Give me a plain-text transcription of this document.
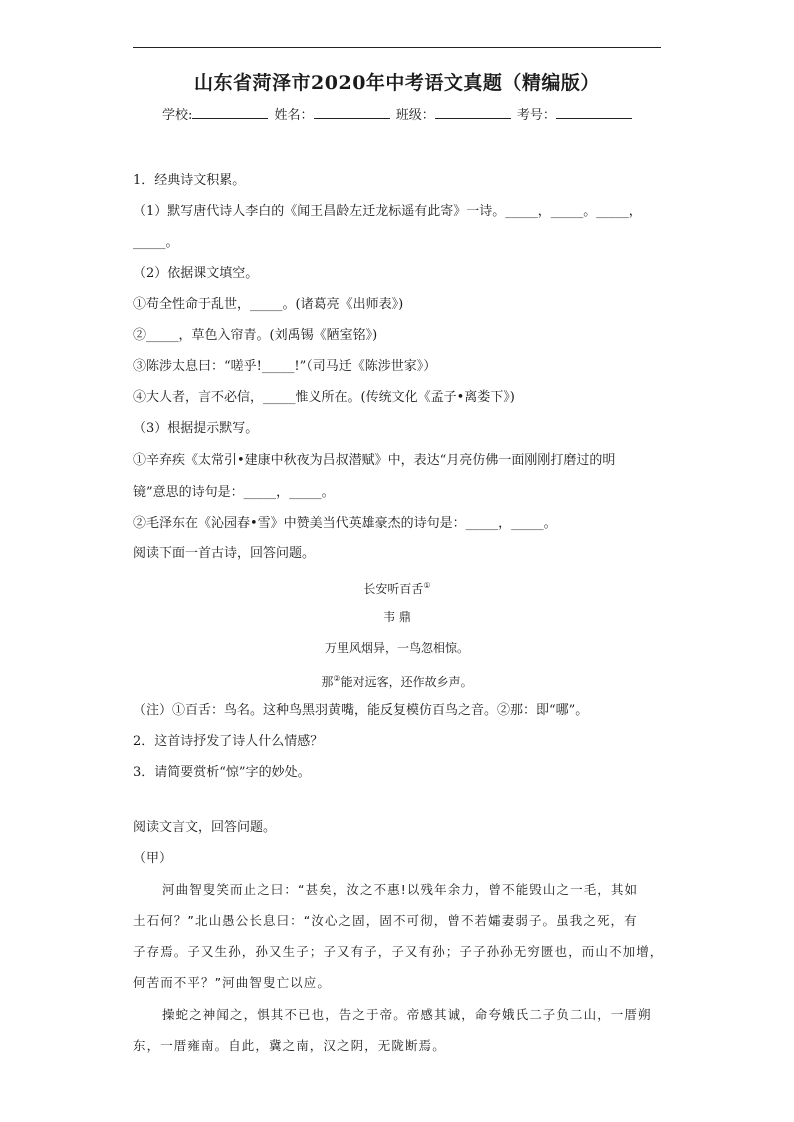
山东省菏泽市2020年中考语文真题（精编版）
学校:	姓名：	班级：	考号：
1．经典诗文积累。
（1）默写唐代诗人李白的《闻王昌龄左迁龙标遥有此寄》一诗。_____，_____。_____，
_____。
（2）依据课文填空。
①苟全性命于乱世，_____。(诸葛亮《出师表》)
②_____，草色入帘青。(刘禹锡《陋室铭》)
③陈涉太息曰：“嗟乎!_____!”（司马迁《陈涉世家》）
④大人者，言不必信，_____惟义所在。(传统文化《孟子•离娄下》)
（3）根据提示默写。
①辛弃疾《太常引•建康中秋夜为吕叔潜赋》中，表达“月亮仿佛一面刚刚打磨过的明
镜”意思的诗句是：_____，_____。
②毛泽东在《沁园春•雪》中赞美当代英雄豪杰的诗句是：_____，_____。
阅读下面一首古诗，回答问题。
长安听百舌①
韦 鼎
万里风烟异，一鸟忽相惊。
那②能对远客，还作故乡声。
（注）①百舌：鸟名。这种鸟黑羽黄嘴，能反复模仿百鸟之音。②那：即“哪”。
2．这首诗抒发了诗人什么情感？
3．请简要赏析“惊”字的妙处。
阅读文言文，回答问题。
（甲）
河曲智叟笑而止之曰：“甚矣，汝之不惠!以残年余力，曾不能毁山之一毛，其如
土石何？”北山愚公长息曰：“汝心之固，固不可彻，曾不若孀妻弱子。虽我之死，有
子存焉。子又生孙，孙又生子；子又有子，子又有孙；子子孙孙无穷匮也，而山不加增，
何苦而不平？”河曲智叟亡以应。
操蛇之神闻之，惧其不已也，告之于帝。帝感其诚，命夸娥氏二子负二山，一厝朔
东，一厝雍南。自此，冀之南，汉之阴，无陇断焉。
